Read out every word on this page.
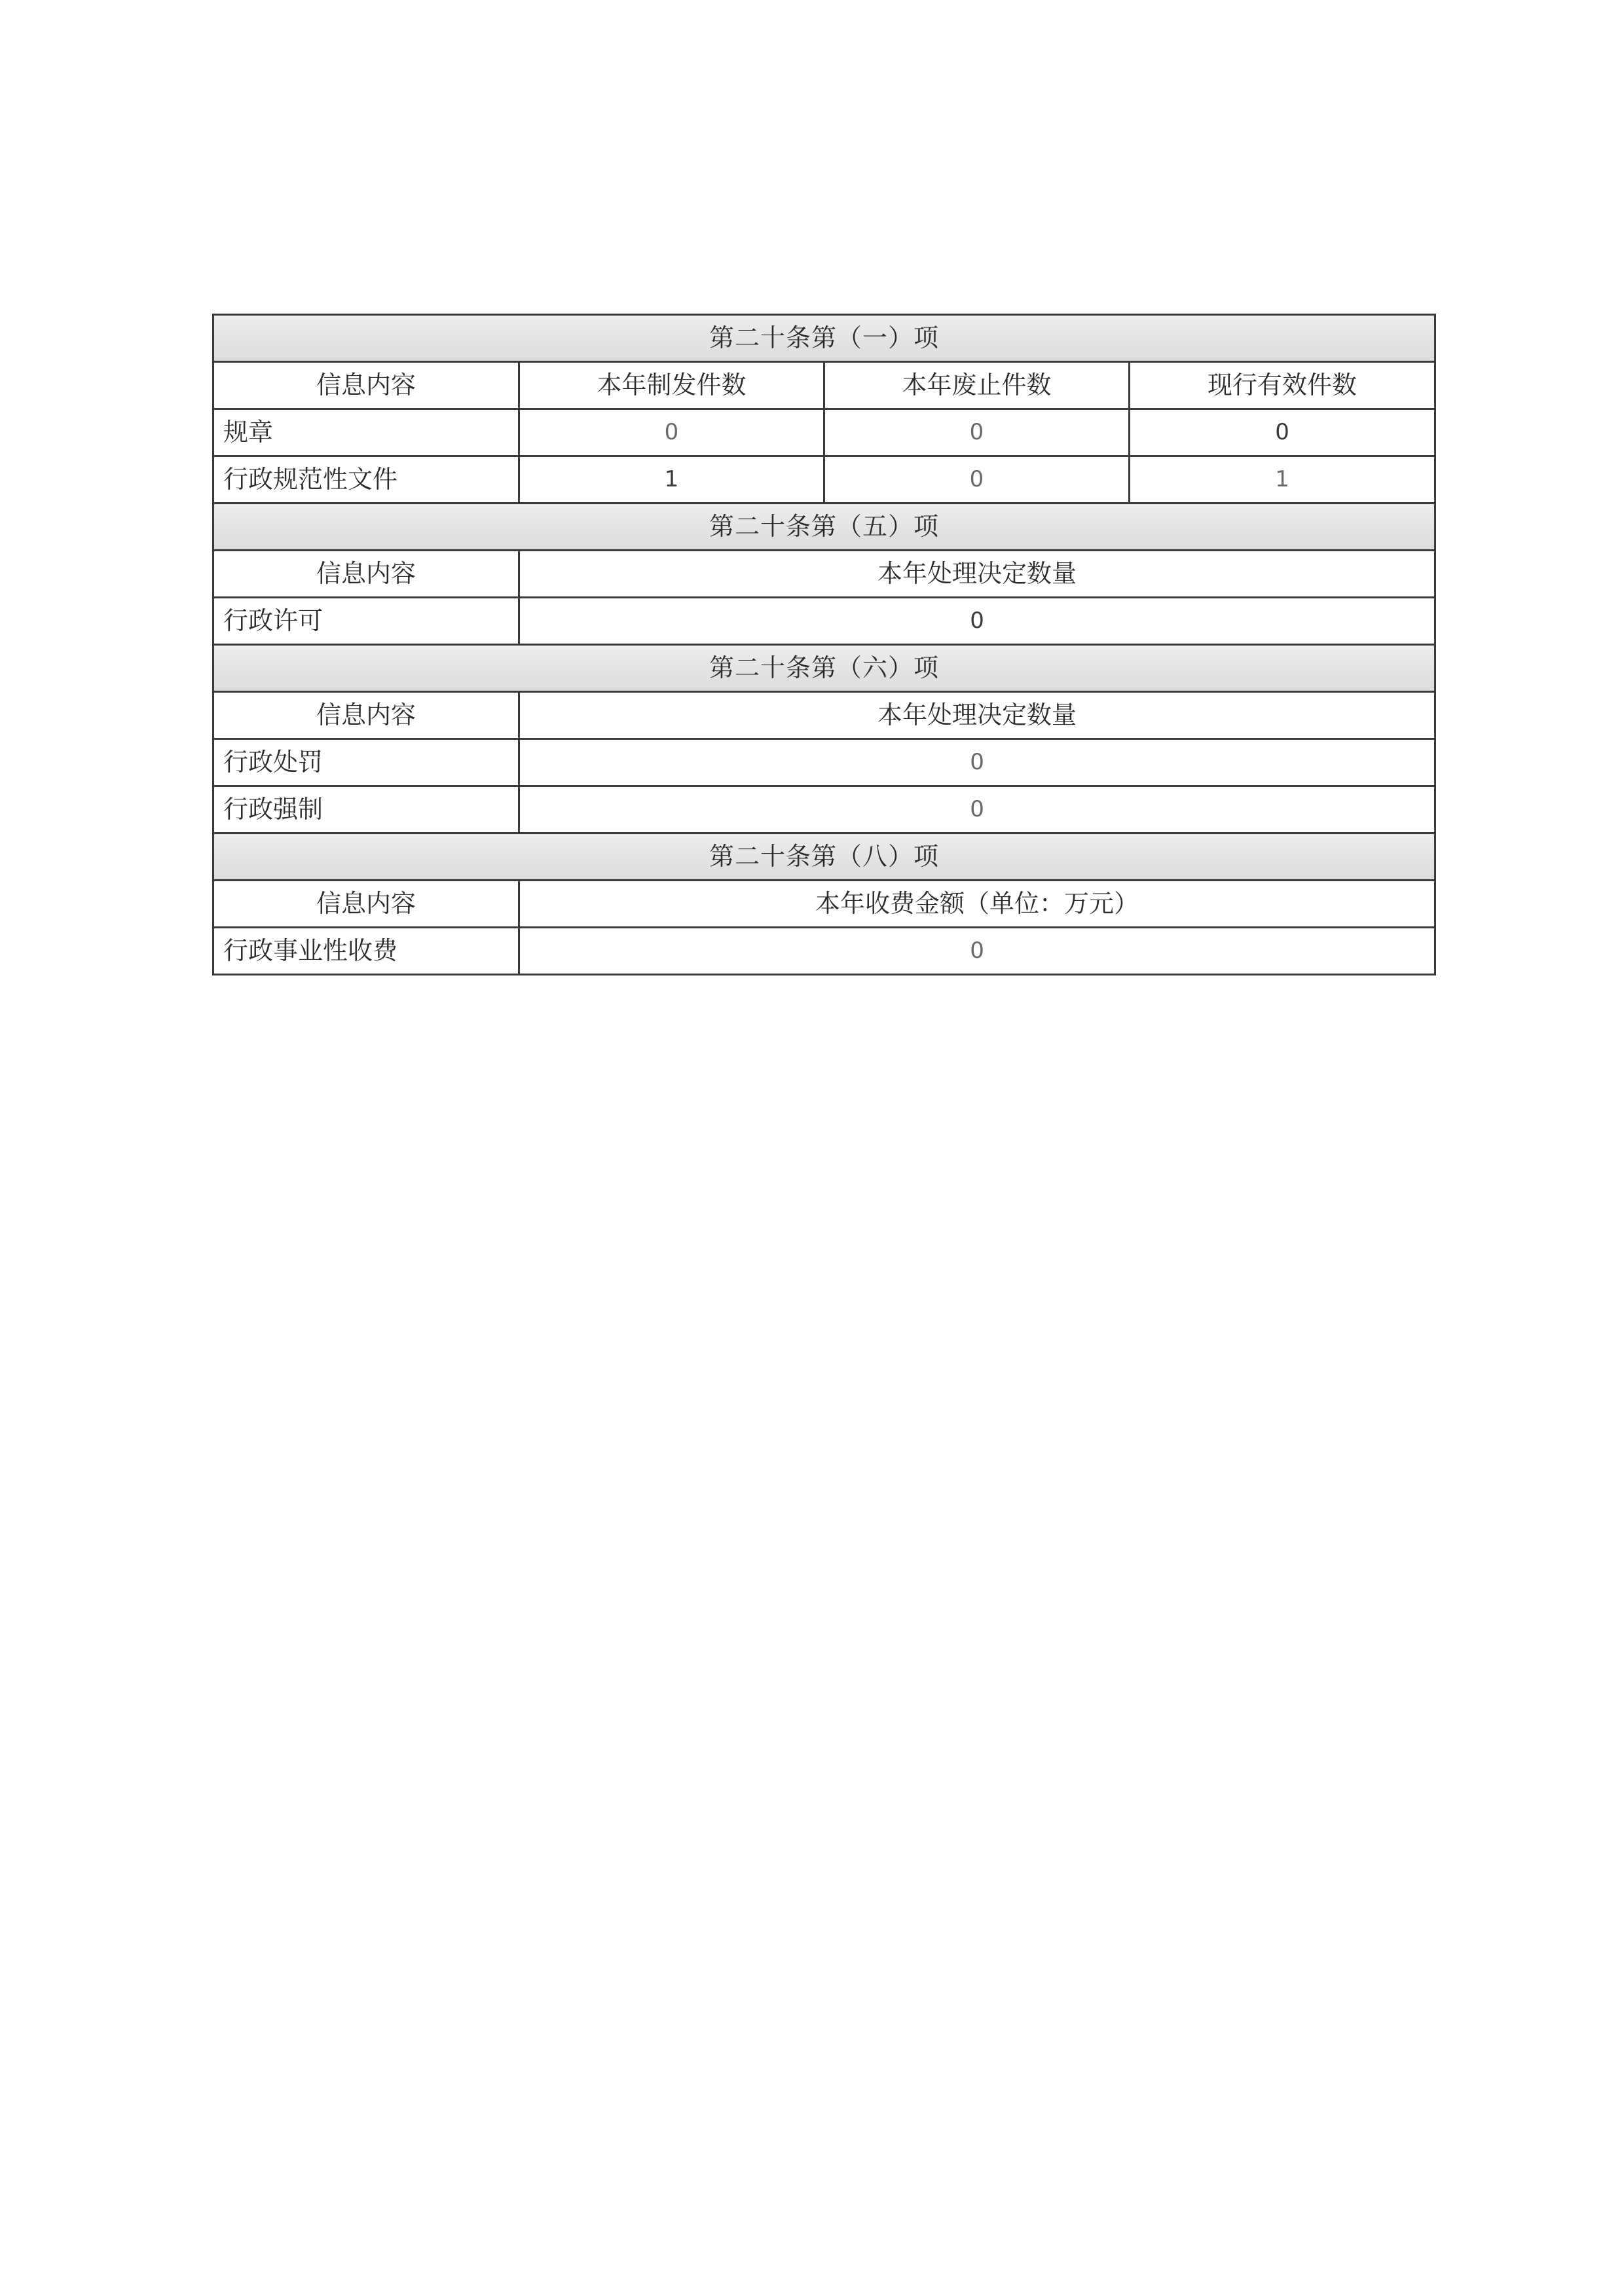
第二十条第（一）项			
信息内容	本年制发件数	本年废止件数	现行有效件数
规章	0	0	0
行政规范性文件	1	0	1
第二十条第（五）项			
信息内容	本年处理决定数量		
行政许可	0		
第二十条第（六）项			
信息内容	本年处理决定数量		
行政处罚	0		
行政强制	0		
第二十条第（八）项			
信息内容	本年收费金额（单位：万元）		
行政事业性收费	0		
